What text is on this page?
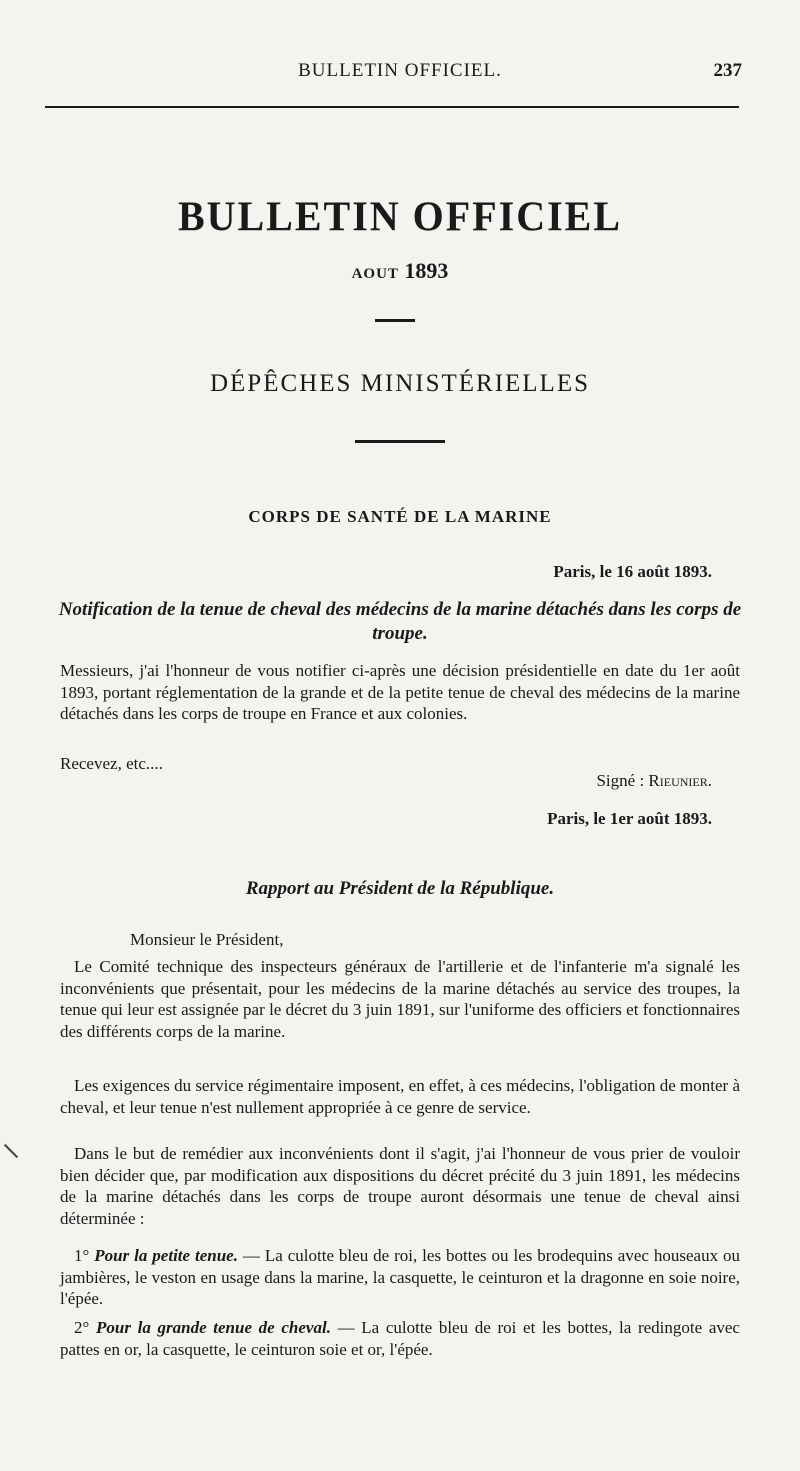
BULLETIN OFFICIEL.	237
BULLETIN OFFICIEL
AOUT 1893
DÉPÊCHES MINISTÉRIELLES
CORPS DE SANTÉ DE LA MARINE
Paris, le 16 août 1893.
Notification de la tenue de cheval des médecins de la marine détachés dans les corps de troupe.
Messieurs, j'ai l'honneur de vous notifier ci-après une décision présidentielle en date du 1er août 1893, portant réglementation de la grande et de la petite tenue de cheval des médecins de la marine détachés dans les corps de troupe en France et aux colonies.
Recevez, etc....
Signé : Rieunier.
Paris, le 1er août 1893.
Rapport au Président de la République.
Monsieur le Président,
Le Comité technique des inspecteurs généraux de l'artillerie et de l'infanterie m'a signalé les inconvénients que présentait, pour les médecins de la marine détachés au service des troupes, la tenue qui leur est assignée par le décret du 3 juin 1891, sur l'uniforme des officiers et fonctionnaires des différents corps de la marine.
Les exigences du service régimentaire imposent, en effet, à ces médecins, l'obligation de monter à cheval, et leur tenue n'est nullement appropriée à ce genre de service.
Dans le but de remédier aux inconvénients dont il s'agit, j'ai l'honneur de vous prier de vouloir bien décider que, par modification aux dispositions du décret précité du 3 juin 1891, les médecins de la marine détachés dans les corps de troupe auront désormais une tenue de cheval ainsi déterminée :
1° Pour la petite tenue. — La culotte bleu de roi, les bottes ou les brodequins avec houseaux ou jambières, le veston en usage dans la marine, la casquette, le ceinturon et la dragonne en soie noire, l'épée.
2° Pour la grande tenue de cheval. — La culotte bleu de roi et les bottes, la redingote avec pattes en or, la casquette, le ceinturon soie et or, l'épée.
